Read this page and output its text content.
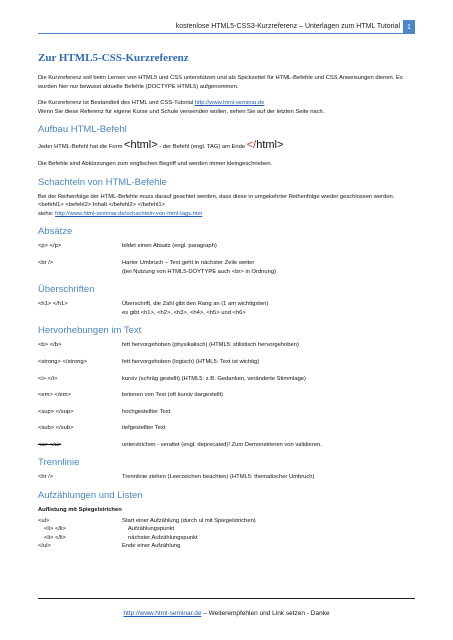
kostenlose HTML5-CSS3-Kurzreferenz – Unterlagen zum HTML Tutorial 1
Zur HTML5-CSS-Kurzreferenz

Die Kurzreferenz soll beim Lernen von HTML5 und CSS unterstützen und als Spickzettel für HTML-Befehle und CSS Anweisungen dienen. Es wurden hier nur bewusst aktuelle Befehle (DOCTYPE HTML5) aufgenommen.

Die Kurzreferenz ist Bestandteil des HTML und CSS-Tutorial http://www.html-seminar.de
Wenn Sie diese Referenz für eigene Kurse und Schule verwenden wollen, sehen Sie auf der letzten Seite nach.

Aufbau HTML-Befehl

Jeder HTML-Befehl hat die Form <html> - der Befehl (engl. TAG) am Ende </html>

Die Befehle sind Abkürzungen zum englischen Begriff und werden immer kleingeschrieben.

Schachteln von HTML-Befehle

Bei der Reihenfolge der HTML-Befehle muss darauf geachtet werden, dass diese in umgekehrter Reihenfolge wieder geschlossen werden. <befehl1> <befehl2> Inhalt </befehl2> </befehl1>
siehe: http://www.html-seminar.de/schachteln-von-html-tags.htm

Absätze
<p> </p>	bildet einen Absatz (engl. paragraph)
<br />	Harter Umbruch – Text geht in nächster Zeile weiter
(bei Nutzung von HTML5-DOYTYPE auch <br> in Ordnung)
Überschriften
<h1> </h1>	Überschrift, die Zahl gibt den Rang an (1 am wichtigsten)
es gibt <h1>, <h2>, <h3>, <h4>, <h5> und <h6>
Hervorhebungen im Text
<b> </b>	fett hervorgehoben (physikalisch) (HTML5: stilistisch hervorgehoben)
<strong> </strong>	fett hervorgehoben (logisch) (HTML5: Text ist wichtig)
<i> </i>	kursiv (schräg gestellt) (HTML5: z.B. Gedanken, veränderte Stimmlage)
<em> </em>	betonen von Text (oft kursiv dargestellt)
<sup> </sup>	hochgestellter Text
<sub> </sub>	tiefgestellter Text
<u> </u>	unterstrichen - veraltet (engl. deprecated)! Zum Demonstrieren von validieren.
Trennlinie
<hr />	Trennlinie ziehen (Leerzeichen beachten) (HTML5: thematischer Umbruch)
Aufzählungen und Listen

Auflistung mit Spiegelstrichen

<ul>	Start einer Aufzählung (durch ul mit Spiegelstrichen)
<li> </li>	Aufzählungspunkt
<li> </li>	nächster Aufzählungspunkt
</ul>	Ende einer Aufzählung
http://www.html-seminar.de – Weiterempfehlen und Link setzen - Danke
